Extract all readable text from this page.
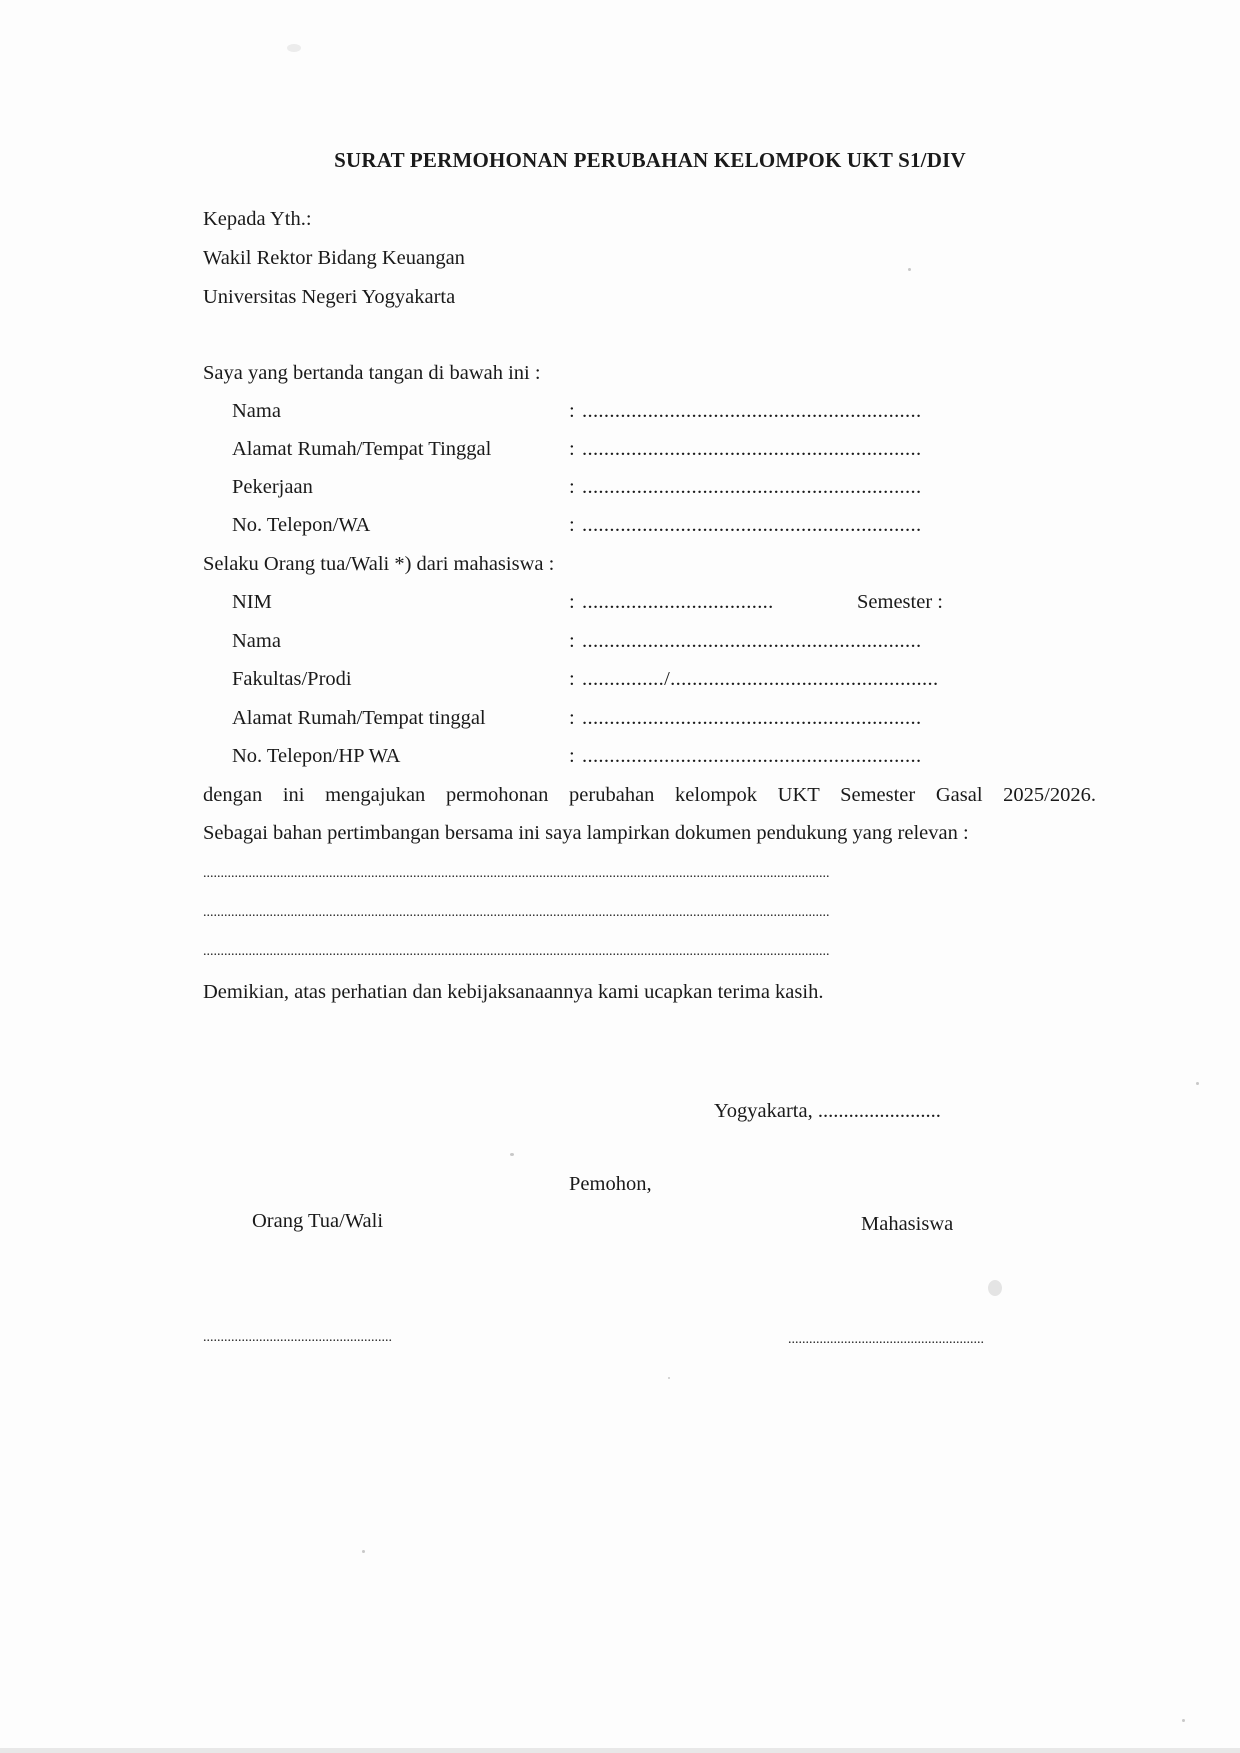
SURAT PERMOHONAN PERUBAHAN KELOMPOK UKT S1/DIV
Kepada Yth.:
Wakil Rektor Bidang Keuangan
Universitas Negeri Yogyakarta
Saya yang bertanda tangan di bawah ini :
Nama	: ..............................................................
Alamat Rumah/Tempat Tinggal	: ..............................................................
Pekerjaan	: ..............................................................
No. Telepon/WA	: ..............................................................
Selaku Orang tua/Wali *) dari mahasiswa :
NIM	: ...................................	Semester :
Nama	: ..............................................................
Fakultas/Prodi	: .............../.................................................
Alamat Rumah/Tempat tinggal	: ..............................................................
No. Telepon/HP WA	: ..............................................................
dengan ini mengajukan permohonan perubahan kelompok UKT Semester Gasal 2025/2026.
Sebagai bahan pertimbangan bersama ini saya lampirkan dokumen pendukung yang relevan :
...................................................................................................................................................................................
...................................................................................................................................................................................
...................................................................................................................................................................................
Demikian, atas perhatian dan kebijaksanaannya kami ucapkan terima kasih.
Yogyakarta, ........................
Pemohon,
Orang Tua/Wali	Mahasiswa
......................................................	........................................................
